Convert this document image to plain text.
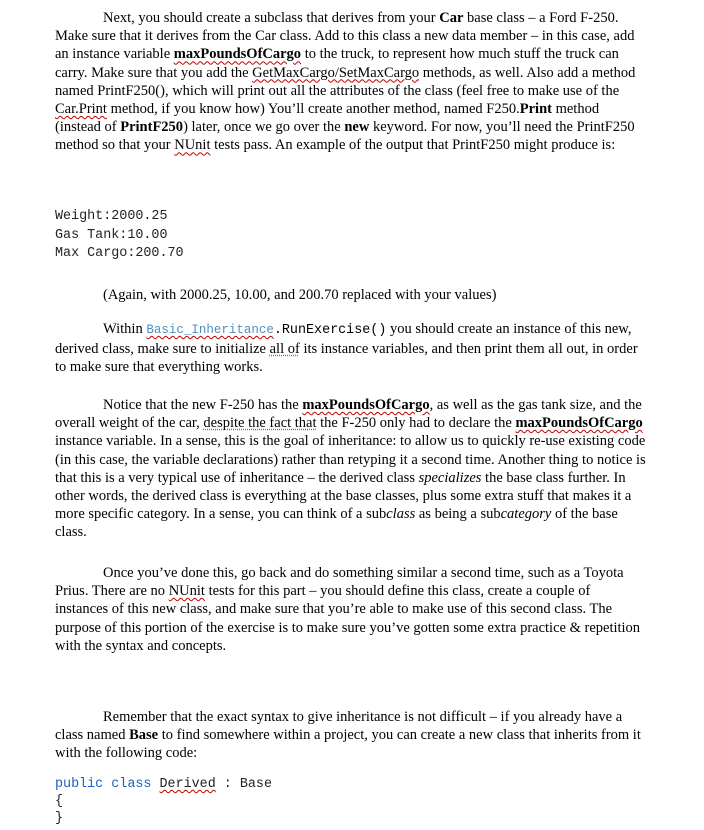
Next, you should create a subclass that derives from your Car base class – a Ford F-250. Make sure that it derives from the Car class. Add to this class a new data member – in this case, add an instance variable maxPoundsOfCargo to the truck, to represent how much stuff the truck can carry. Make sure that you add the GetMaxCargo/SetMaxCargo methods, as well. Also add a method named PrintF250(), which will print out all the attributes of the class (feel free to make use of the Car.Print method, if you know how) You’ll create another method, named F250.Print method (instead of PrintF250) later, once we go over the new keyword. For now, you’ll need the PrintF250 method so that your NUnit tests pass. An example of the output that PrintF250 might produce is:

Weight:2000.25
Gas Tank:10.00
Max Cargo:200.70

(Again, with 2000.25, 10.00, and 200.70 replaced with your values)

Within Basic_Inheritance.RunExercise() you should create an instance of this new, derived class, make sure to initialize all of its instance variables, and then print them all out, in order to make sure that everything works.

Notice that the new F-250 has the maxPoundsOfCargo, as well as the gas tank size, and the overall weight of the car, despite the fact that the F-250 only had to declare the maxPoundsOfCargo instance variable. In a sense, this is the goal of inheritance: to allow us to quickly re-use existing code (in this case, the variable declarations) rather than retyping it a second time. Another thing to notice is that this is a very typical use of inheritance – the derived class specializes the base class further. In other words, the derived class is everything at the base classes, plus some extra stuff that makes it a more specific category. In a sense, you can think of a subclass as being a subcategory of the base class.

Once you’ve done this, go back and do something similar a second time, such as a Toyota Prius. There are no NUnit tests for this part – you should define this class, create a couple of instances of this new class, and make sure that you’re able to make use of this second class. The purpose of this portion of the exercise is to make sure you’ve gotten some extra practice & repetition with the syntax and concepts.

Remember that the exact syntax to give inheritance is not difficult – if you already have a class named Base to find somewhere within a project, you can create a new class that inherits from it with the following code:

public class Derived : Base
{
}
